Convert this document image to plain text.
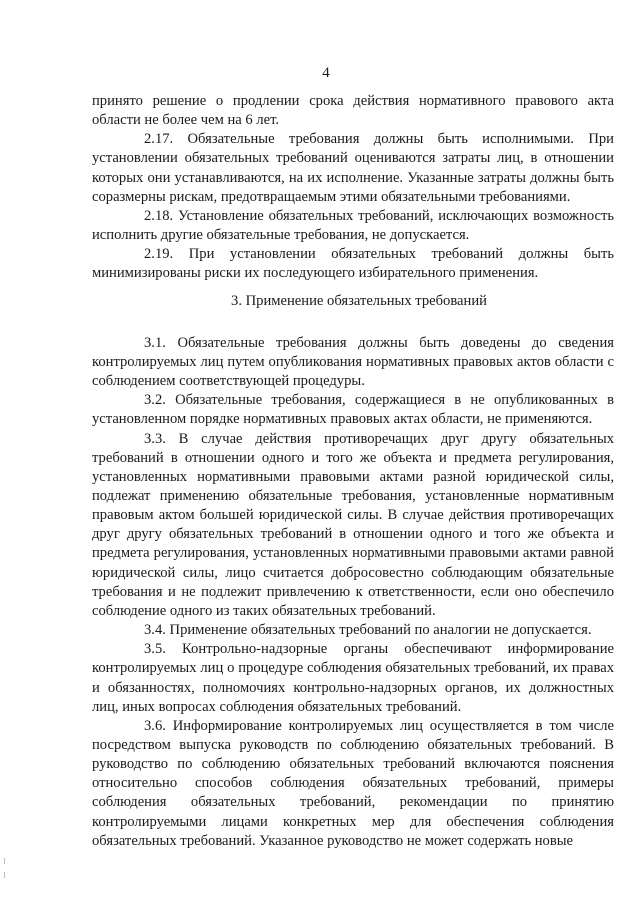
4

принято решение о продлении срока действия нормативного правового акта области не более чем на 6 лет.

2.17. Обязательные требования должны быть исполнимыми. При установлении обязательных требований оцениваются затраты лиц, в отношении которых они устанавливаются, на их исполнение. Указанные затраты должны быть соразмерны рискам, предотвращаемым этими обязательными требованиями.

2.18. Установление обязательных требований, исключающих возможность исполнить другие обязательные требования, не допускается.

2.19. При установлении обязательных требований должны быть минимизированы риски их последующего избирательного применения.

3. Применение обязательных требований

3.1. Обязательные требования должны быть доведены до сведения контролируемых лиц путем опубликования нормативных правовых актов области с соблюдением соответствующей процедуры.

3.2. Обязательные требования, содержащиеся в не опубликованных в установленном порядке нормативных правовых актах области, не применяются.

3.3. В случае действия противоречащих друг другу обязательных требований в отношении одного и того же объекта и предмета регулирования, установленных нормативными правовыми актами разной юридической силы, подлежат применению обязательные требования, установленные нормативным правовым актом большей юридической силы. В случае действия противоречащих друг другу обязательных требований в отношении одного и того же объекта и предмета регулирования, установленных нормативными правовыми актами равной юридической силы, лицо считается добросовестно соблюдающим обязательные требования и не подлежит привлечению к ответственности, если оно обеспечило соблюдение одного из таких обязательных требований.

3.4. Применение обязательных требований по аналогии не допускается.

3.5. Контрольно-надзорные органы обеспечивают информирование контролируемых лиц о процедуре соблюдения обязательных требований, их правах и обязанностях, полномочиях контрольно-надзорных органов, их должностных лиц, иных вопросах соблюдения обязательных требований.

3.6. Информирование контролируемых лиц осуществляется в том числе посредством выпуска руководств по соблюдению обязательных требований. В руководство по соблюдению обязательных требований включаются пояснения относительно способов соблюдения обязательных требований, примеры соблюдения обязательных требований, рекомендации по принятию контролируемыми лицами конкретных мер для обеспечения соблюдения обязательных требований. Указанное руководство не может содержать новые
